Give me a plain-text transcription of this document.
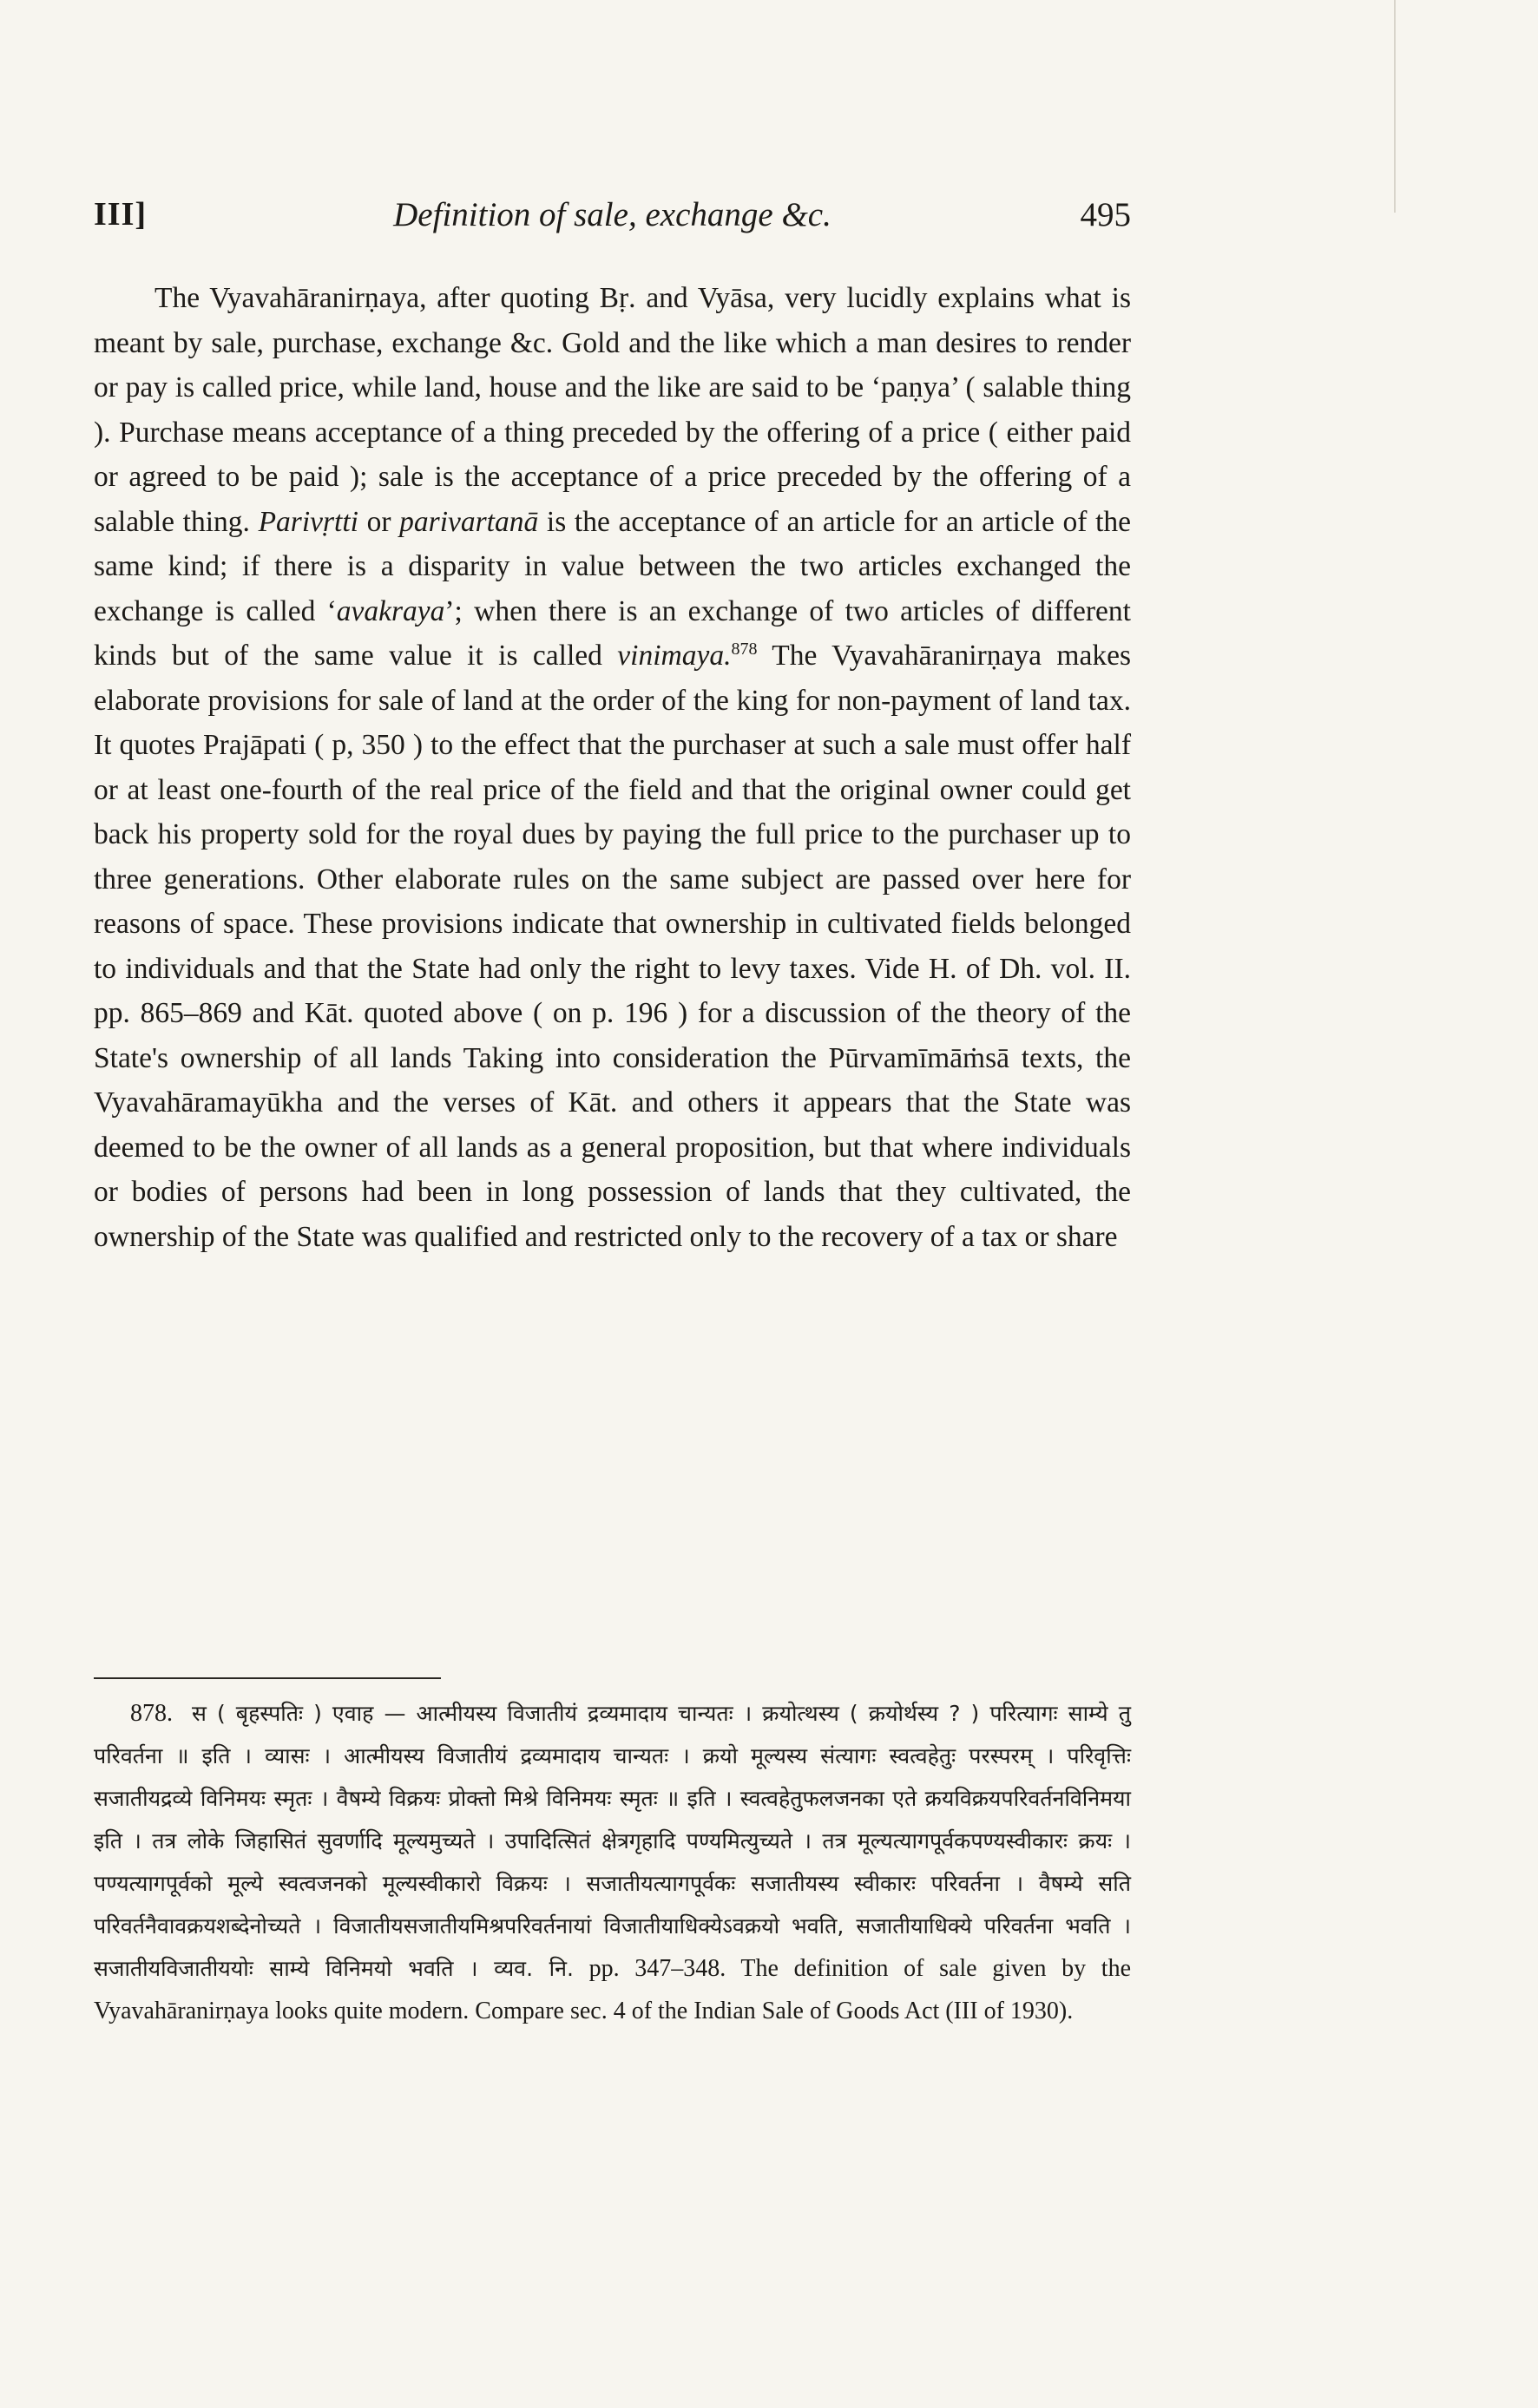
III]	Definition of sale, exchange &c.	495

The Vyavahāranirṇaya, after quoting Bṛ. and Vyāsa, very lucidly explains what is meant by sale, purchase, exchange &c. Gold and the like which a man desires to render or pay is called price, while land, house and the like are said to be ‘paṇya’ ( salable thing ). Purchase means acceptance of a thing preceded by the offering of a price ( either paid or agreed to be paid ); sale is the acceptance of a price preceded by the offering of a salable thing. Parivṛtti or parivartanā is the acceptance of an article for an article of the same kind; if there is a disparity in value between the two articles exchanged the exchange is called ‘avakraya’; when there is an exchange of two articles of different kinds but of the same value it is called vinimaya.$^{878}$ The Vyavahāranirṇaya makes elaborate provisions for sale of land at the order of the king for non-payment of land tax. It quotes Prajāpati ( p, 350 ) to the effect that the purchaser at such a sale must offer half or at least one-fourth of the real price of the field and that the original owner could get back his property sold for the royal dues by paying the full price to the purchaser up to three generations. Other elaborate rules on the same subject are passed over here for reasons of space. These provisions indicate that ownership in cultivated fields belonged to individuals and that the State had only the right to levy taxes. Vide H. of Dh. vol. II. pp. 865–869 and Kāt. quoted above ( on p. 196 ) for a discussion of the theory of the State's ownership of all lands Taking into consideration the Pūrvamīmāṁsā texts, the Vyavahāramayūkha and the verses of Kāt. and others it appears that the State was deemed to be the owner of all lands as a general proposition, but that where individuals or bodies of persons had been in long possession of lands that they cultivated, the ownership of the State was qualified and restricted only to the recovery of a tax or share

878. स ( बृहस्पतिः ) एवाह — आत्मीयस्य विजातीयं द्रव्यमादाय चान्यतः । क्रयोत्थस्य ( क्रयोर्थस्य ? ) परित्यागः साम्ये तु परिवर्तना ॥ इति । व्यासः । आत्मीयस्य विजातीयं द्रव्यमादाय चान्यतः । क्रयो मूल्यस्य संत्यागः स्वत्वहेतुः परस्परम् । परिवृत्तिः सजातीयद्रव्ये विनिमयः स्मृतः । वैषम्ये विक्रयः प्रोक्तो मिश्रे विनिमयः स्मृतः ॥ इति । स्वत्वहेतुफलजनका एते क्रयविक्रयपरिवर्तनविनिमया इति । तत्र लोके जिहासितं सुवर्णादि मूल्यमुच्यते । उपादित्सितं क्षेत्रगृहादि पण्यमित्युच्यते । तत्र मूल्यत्यागपूर्वकपण्यस्वीकारः क्रयः । पण्यत्यागपूर्वको मूल्ये स्वत्वजनको मूल्यस्वीकारो विक्रयः । सजातीयत्यागपूर्वकः सजातीयस्य स्वीकारः परिवर्तना । वैषम्ये सति परिवर्तनैवावक्रयशब्देनोच्यते । विजातीयसजातीयमिश्रपरिवर्तनायां विजातीयाधिक्येऽवक्रयो भवति, सजातीयाधिक्ये परिवर्तना भवति । सजातीयविजातीययोः साम्ये विनिमयो भवति । व्यव. नि. pp. 347–348. The definition of sale given by the Vyavahāranirṇaya looks quite modern. Compare sec. 4 of the Indian Sale of Goods Act (III of 1930).
